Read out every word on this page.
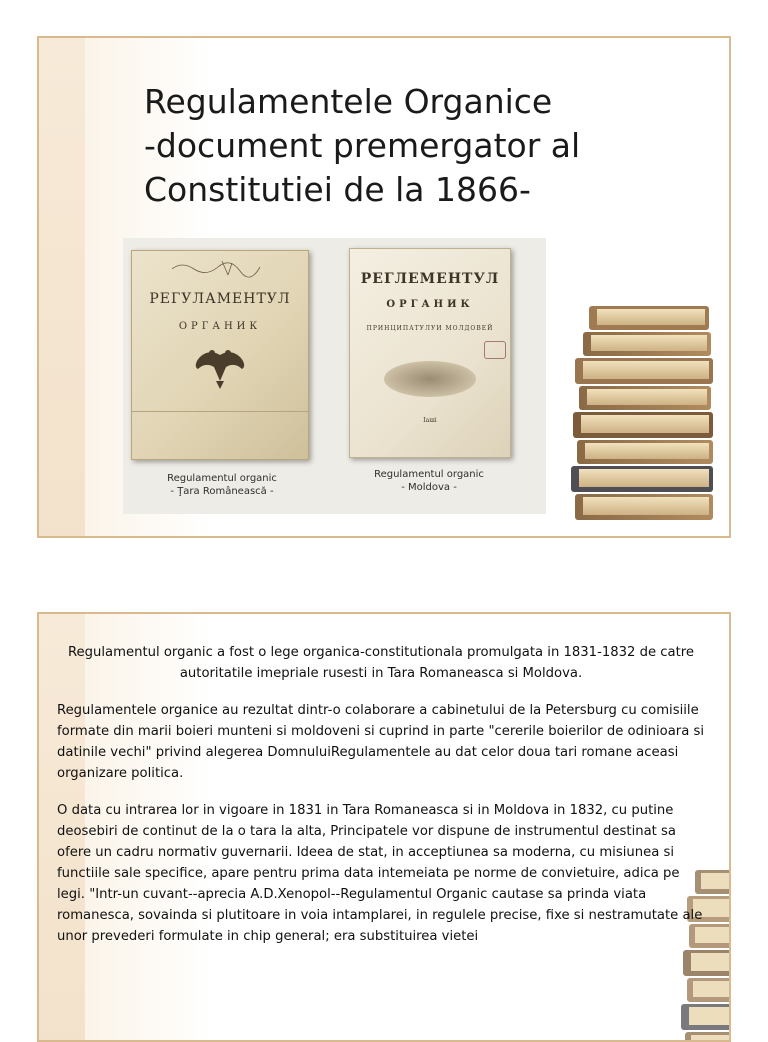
Regulamentele Organice
-document premergator al
Constitutiei de la 1866-
РЕГУЛАМЕНТУЛ
ОРГАНИК
РЕГЛЕМЕНТУЛ
ОРГАНИК
ПРИНЦИПАТУЛУИ МОЛДОВЕЙ
Іаші
Regulamentul organic
- Ţara Românească -
Regulamentul organic
- Moldova -

Regulamentul organic a fost o lege organica-constitutionala promulgata in 1831-1832 de catre autoritatile imepriale rusesti in Tara Romaneasca si Moldova.

Regulamentele organice au rezultat dintr-o colaborare a cabinetului de la Petersburg cu comisiile formate din marii boieri munteni si moldoveni si cuprind in parte "cererile boierilor de odinioara si datinile vechi" privind alegerea DomnuluiRegulamentele au dat celor doua tari romane aceasi organizare politica.

O data cu intrarea lor in vigoare in 1831 in Tara Romaneasca si in Moldova in 1832, cu putine deosebiri de continut de la o tara la alta, Principatele vor dispune de instrumentul destinat sa ofere un cadru normativ guvernarii. Ideea de stat, in acceptiunea sa moderna, cu misiunea si functiile sale specifice, apare pentru prima data intemeiata pe norme de convietuire, adica pe legi. "Intr-un cuvant--aprecia A.D.Xenopol--Regulamentul Organic cautase sa prinda viata romanesca, sovainda si plutitoare in voia intamplarei, in regulele precise, fixe si nestramutate ale unor prevederi formulate in chip general; era substituirea vietei
